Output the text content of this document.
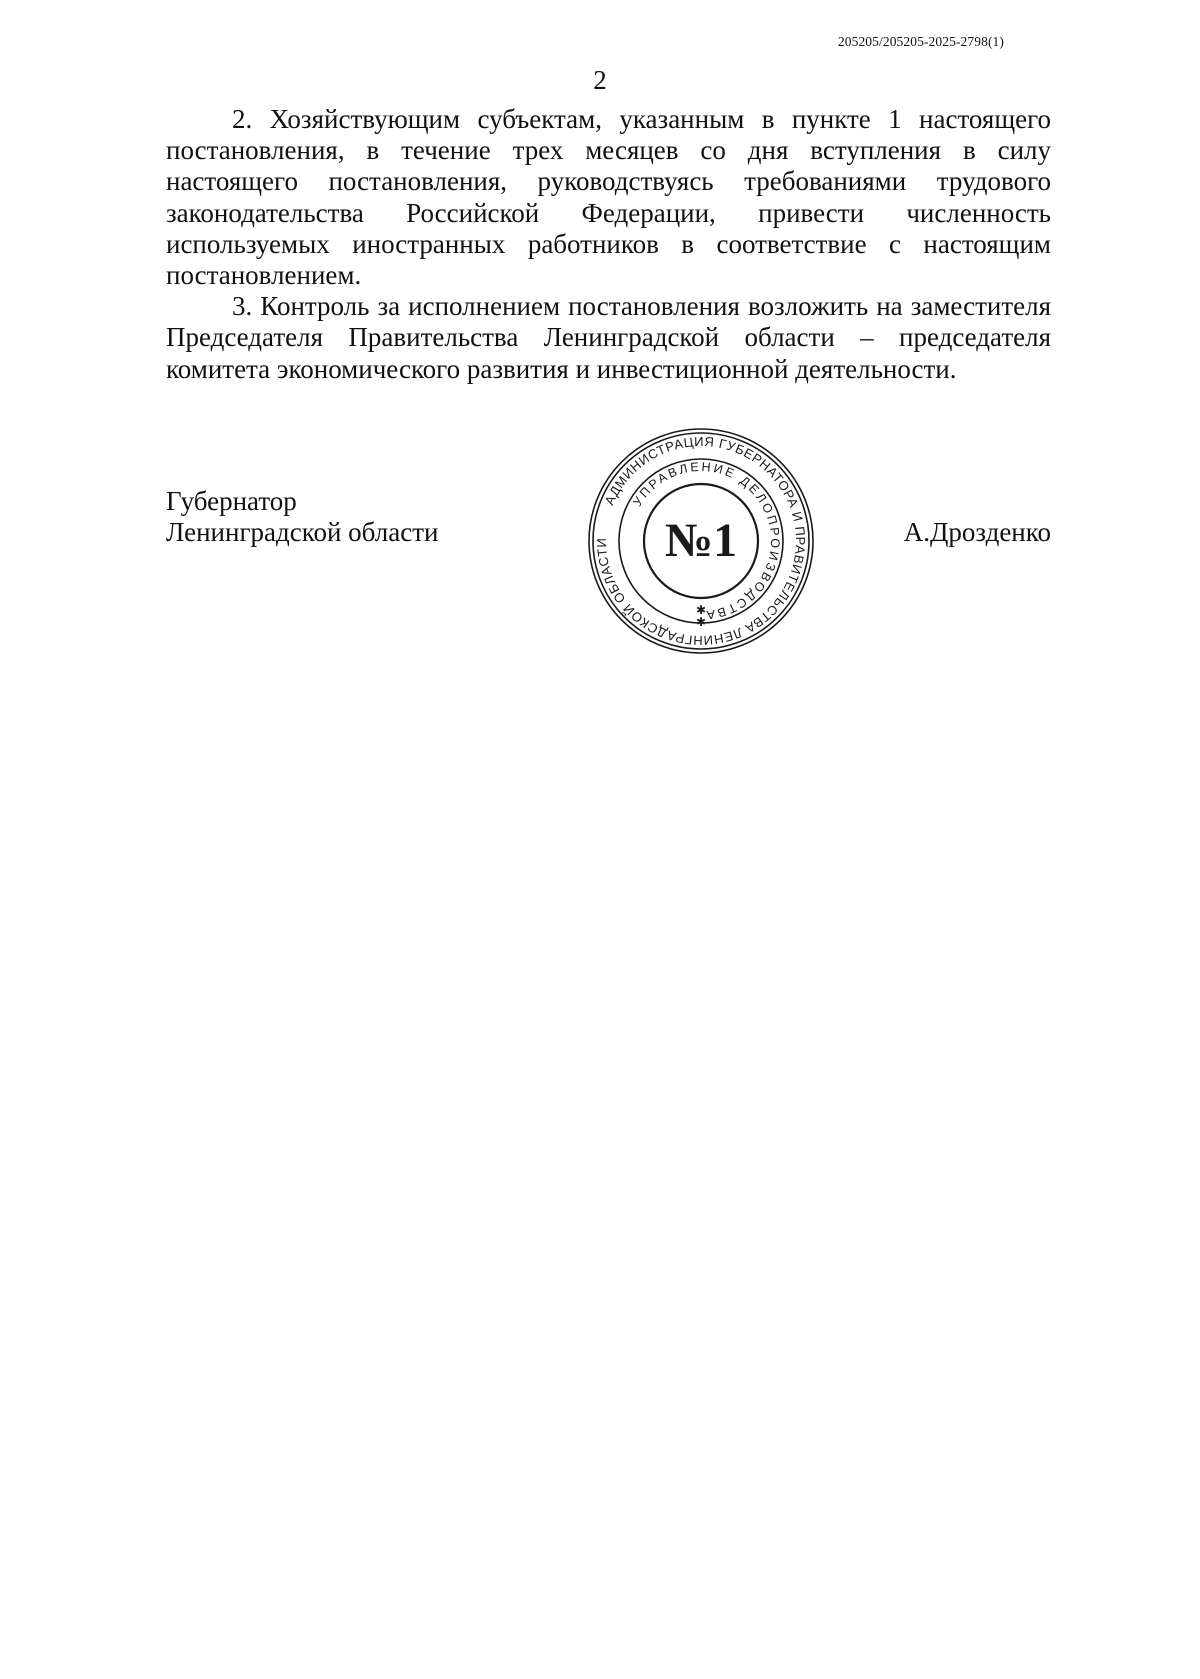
205205/205205-2025-2798(1)
2

2. Хозяйствующим субъектам, указанным в пункте 1 настоящего постановления, в течение трех месяцев со дня вступления в силу настоящего постановления, руководствуясь требованиями трудового законодательства Российской Федерации, привести численность используемых иностранных работников в соответствие с настоящим постановлением.

3. Контроль за исполнением постановления возложить на заместителя Председателя Правительства Ленинградской области – председателя комитета экономического развития и инвестиционной деятельности.

Губернатор
Ленинградской области
АДМИНИСТРАЦИЯ ГУБЕРНАТОРА И ПРАВИТЕЛЬСТВА ЛЕНИНГРАДСКОЙ ОБЛАСТИ
УПРАВЛЕНИЕ ДЕЛОПРОИЗВОДСТВА
№1
✱
✱
А.Дрозденко
